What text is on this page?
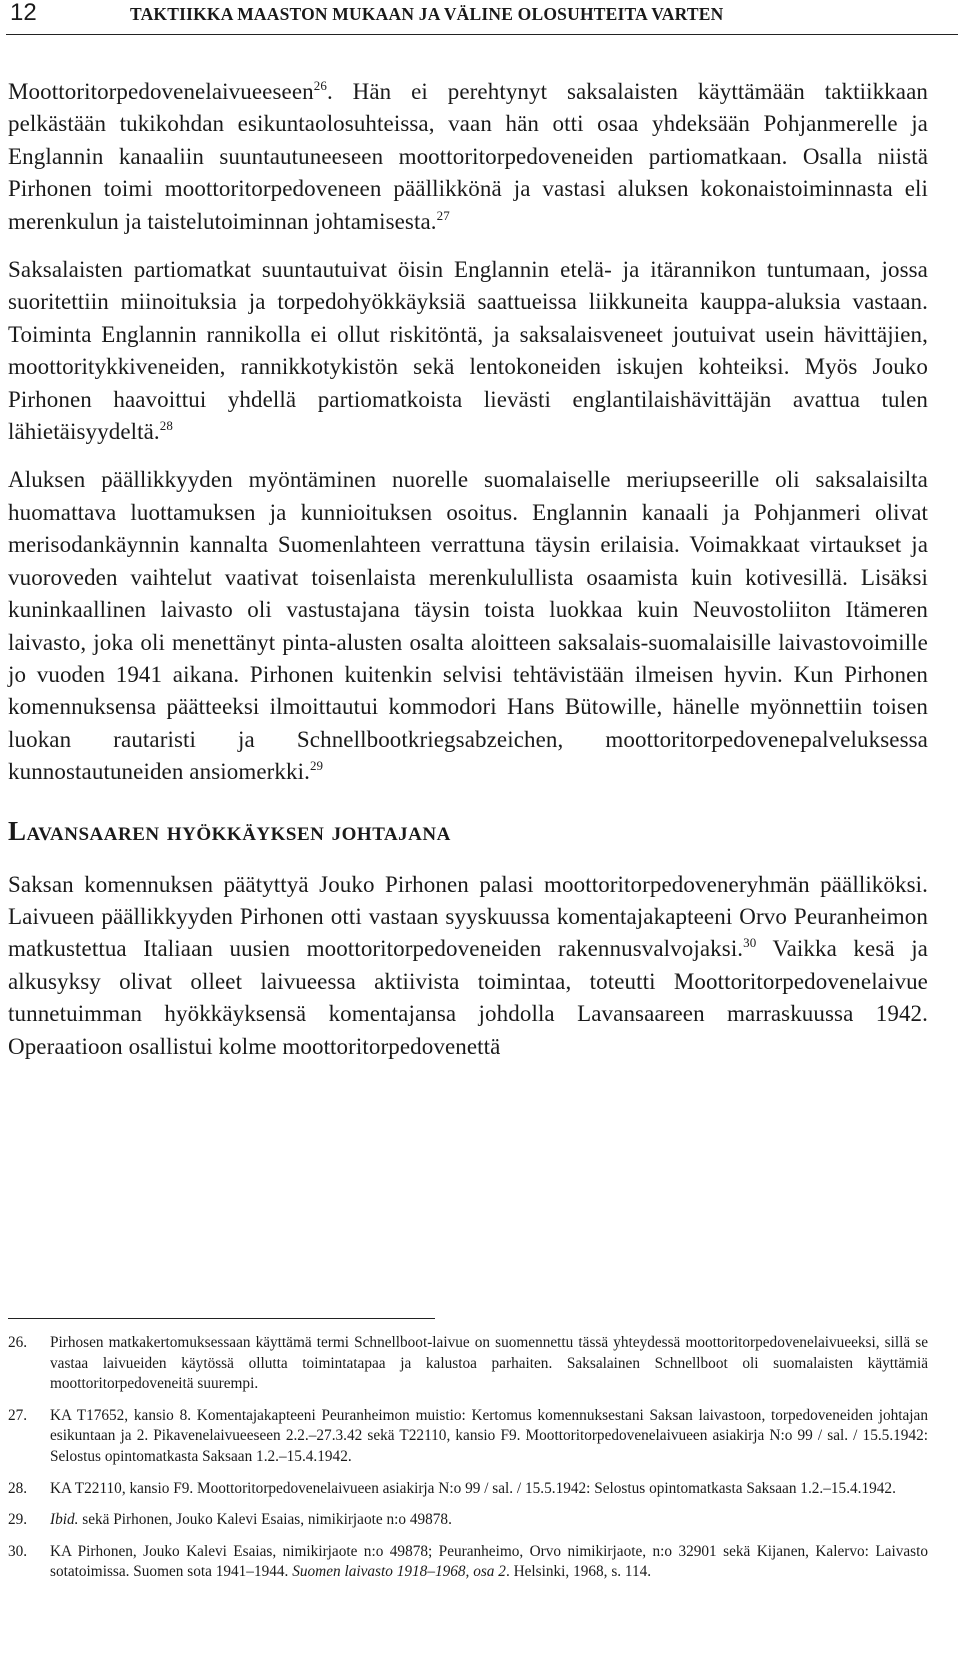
12	TAKTIIKKA MAASTON MUKAAN JA VÄLINE OLOSUHTEITA VARTEN

Moottoritorpedovenelaivueeseen$^{26}$. Hän ei perehtynyt saksalaisten käyttämään taktiikkaan pelkästään tukikohdan esikuntaolosuhteissa, vaan hän otti osaa yhdeksään Pohjanmerelle ja Englannin kanaaliin suuntautuneeseen moottoritorpedoveneiden partiomatkaan. Osalla niistä Pirhonen toimi moottoritorpedoveneen päällikkönä ja vastasi aluksen kokonaistoiminnasta eli merenkulun ja taistelutoiminnan johtamisesta.$^{27}$

Saksalaisten partiomatkat suuntautuivat öisin Englannin etelä- ja itärannikon tuntumaan, jossa suoritettiin miinoituksia ja torpedohyökkäyksiä saattueissa liikkuneita kauppa-aluksia vastaan. Toiminta Englannin rannikolla ei ollut riskitöntä, ja saksalaisveneet joutuivat usein hävittäjien, moottoritykkiveneiden, rannikkotykistön sekä lentokoneiden iskujen kohteiksi. Myös Jouko Pirhonen haavoittui yhdellä partiomatkoista lievästi englantilaishävittäjän avattua tulen lähietäisyydeltä.$^{28}$

Aluksen päällikkyyden myöntäminen nuorelle suomalaiselle meriupseerille oli saksalaisilta huomattava luottamuksen ja kunnioituksen osoitus. Englannin kanaali ja Pohjanmeri olivat merisodankäynnin kannalta Suomenlahteen verrattuna täysin erilaisia. Voimakkaat virtaukset ja vuoroveden vaihtelut vaativat toisenlaista merenkulullista osaamista kuin kotivesillä. Lisäksi kuninkaallinen laivasto oli vastustajana täysin toista luokkaa kuin Neuvostoliiton Itämeren laivasto, joka oli menettänyt pinta-alusten osalta aloitteen saksalais-suomalaisille laivastovoimille jo vuoden 1941 aikana. Pirhonen kuitenkin selvisi tehtävistään ilmeisen hyvin. Kun Pirhonen komennuksensa päätteeksi ilmoittautui kommodori Hans Bütowille, hänelle myönnettiin toisen luokan rautaristi ja Schnellbootkriegsabzeichen, moottoritorpedovenepalveluksessa kunnostautuneiden ansiomerkki.$^{29}$

Lavansaaren hyökkäyksen johtajana

Saksan komennuksen päätyttyä Jouko Pirhonen palasi moottoritorpedoveneryhmän päälliköksi. Laivueen päällikkyyden Pirhonen otti vastaan syyskuussa komentajakapteeni Orvo Peuranheimon matkustettua Italiaan uusien moottoritorpedoveneiden rakennusvalvojaksi.$^{30}$ Vaikka kesä ja alkusyksy olivat olleet laivueessa aktiivista toimintaa, toteutti Moottoritorpedovenelaivue tunnetuimman hyökkäyksensä komentajansa johdolla Lavansaareen marraskuussa 1942. Operaatioon osallistui kolme moottoritorpedovenettä

26.	Pirhosen matkakertomuksessaan käyttämä termi Schnellboot-laivue on suomennettu tässä yhteydessä moottoritorpedovenelaivueeksi, sillä se vastaa laivueiden käytössä ollutta toimintatapaa ja kalustoa parhaiten. Saksalainen Schnellboot oli suomalaisten käyttämiä moottoritorpedoveneitä suurempi.
27.	KA T17652, kansio 8. Komentajakapteeni Peuranheimon muistio: Kertomus komennuksestani Saksan laivastoon, torpedoveneiden johtajan esikuntaan ja 2. Pikavenelaivueeseen 2.2.–27.3.42 sekä T22110, kansio F9. Moottoritorpedovenelaivueen asiakirja N:o 99 / sal. / 15.5.1942: Selostus opintomatkasta Saksaan 1.2.–15.4.1942.
28.	KA T22110, kansio F9. Moottoritorpedovenelaivueen asiakirja N:o 99 / sal. / 15.5.1942: Selostus opintomatkasta Saksaan 1.2.–15.4.1942.
29.	Ibid. sekä Pirhonen, Jouko Kalevi Esaias, nimikirjaote n:o 49878.
30.	KA Pirhonen, Jouko Kalevi Esaias, nimikirjaote n:o 49878; Peuranheimo, Orvo nimikirjaote, n:o 32901 sekä Kijanen, Kalervo: Laivasto sotatoimissa. Suomen sota 1941–1944. Suomen laivasto 1918–1968, osa 2. Helsinki, 1968, s. 114.
